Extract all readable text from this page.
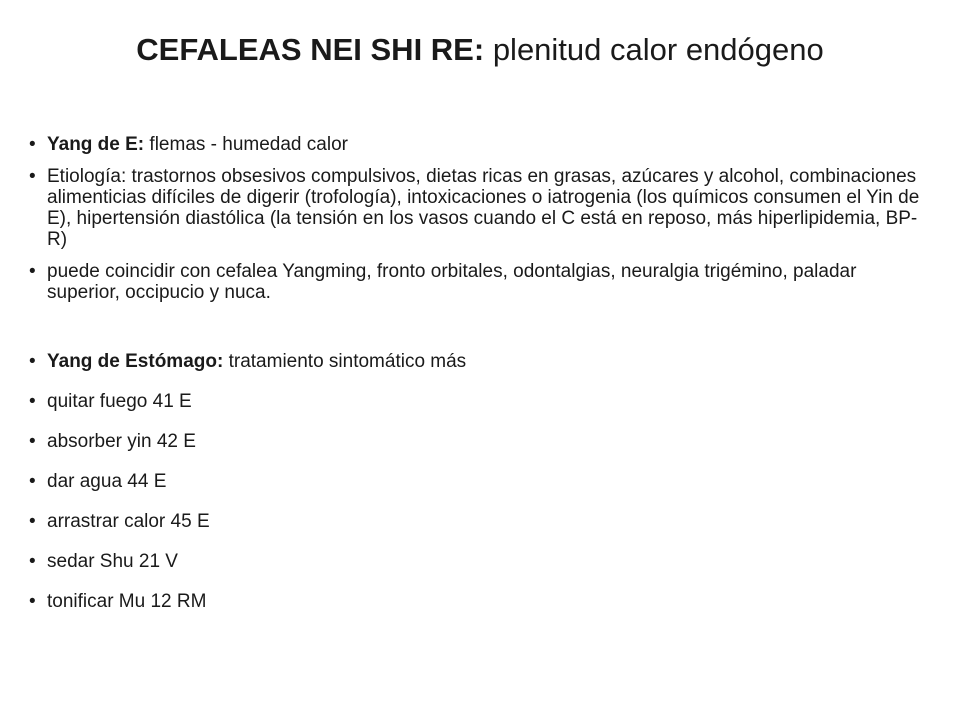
CEFALEAS NEI SHI RE: plenitud calor endógeno
• Yang de E: flemas - humedad calor
• Etiología: trastornos obsesivos compulsivos, dietas ricas en grasas, azúcares y alcohol, combinaciones alimenticias difíciles de digerir (trofología), intoxicaciones o iatrogenia (los químicos consumen el Yin de E), hipertensión diastólica (la tensión en los vasos cuando el C está en reposo, más hiperlipidemia, BP-R)
• puede coincidir con cefalea Yangming, fronto orbitales, odontalgias, neuralgia trigémino, paladar superior, occipucio y nuca.
• Yang de Estómago: tratamiento sintomático más
• quitar fuego 41 E
• absorber yin 42 E
• dar agua 44 E
• arrastrar calor 45 E
• sedar Shu 21 V
• tonificar Mu 12 RM
